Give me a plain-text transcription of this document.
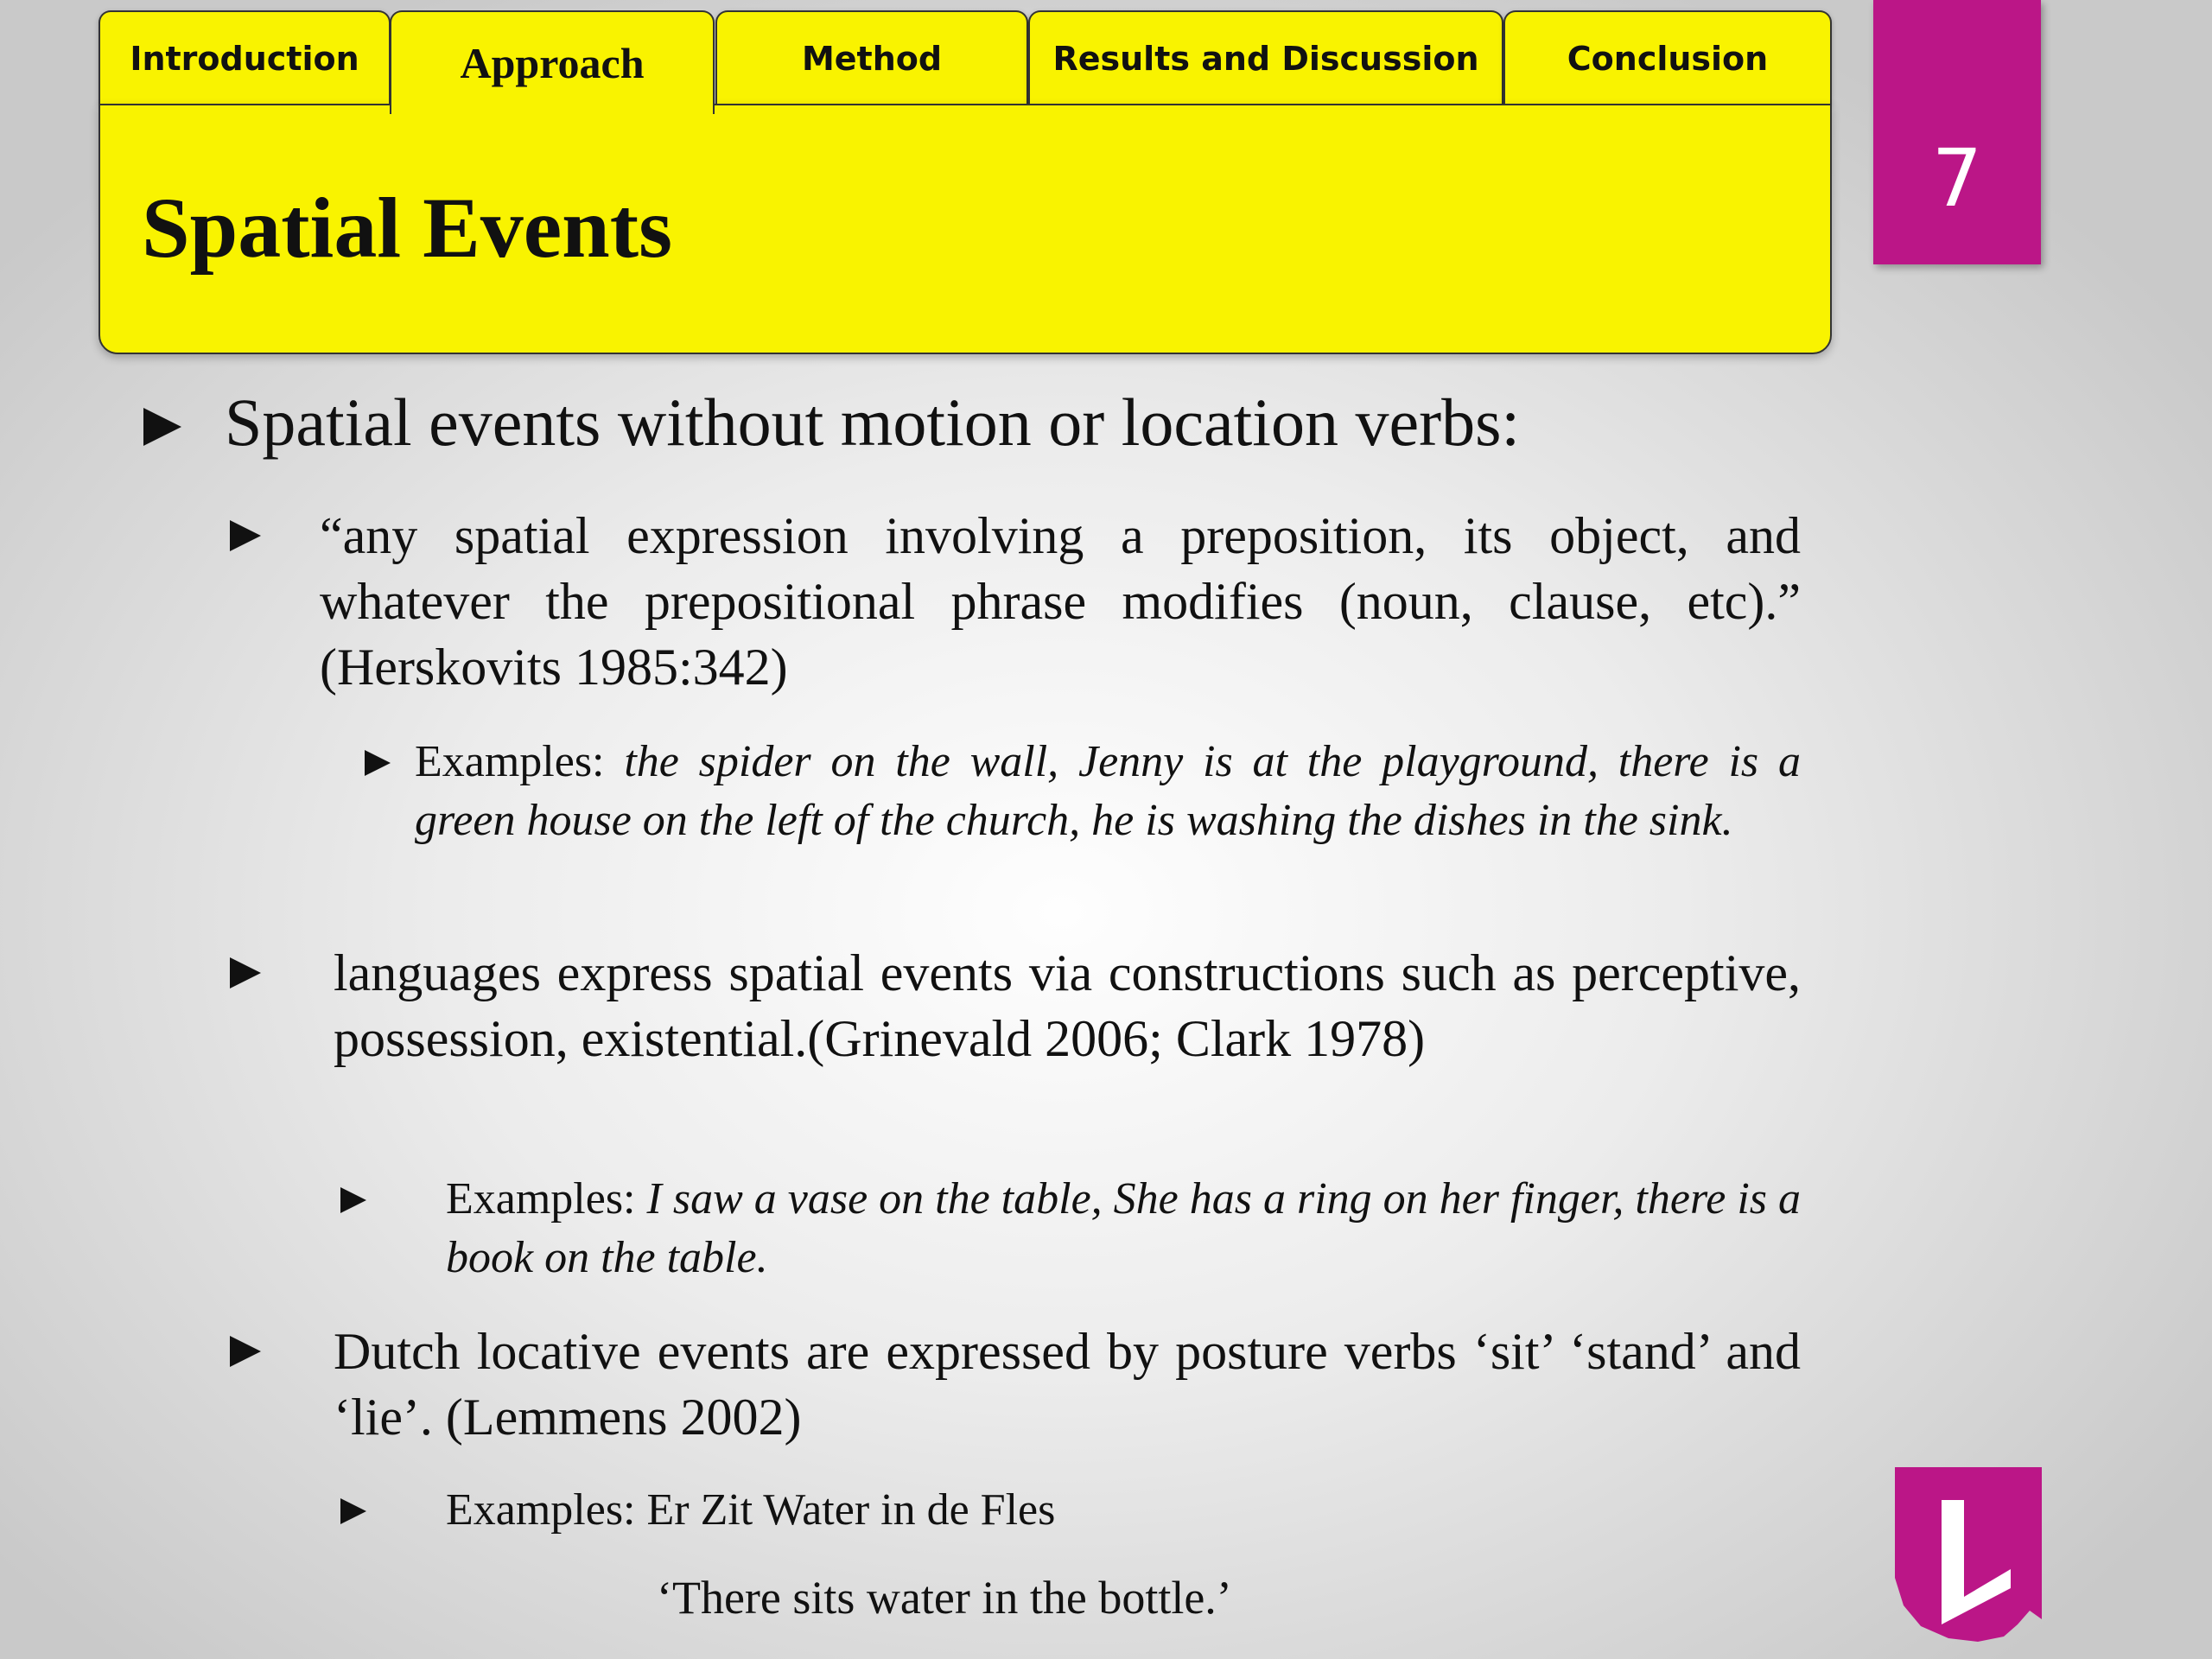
Introduction	Approach	Method	Results and Discussion	Conclusion
Spatial Events
7
Spatial events without motion or location verbs:
“any spatial expression involving a preposition, its object, and whatever the prepositional phrase modifies (noun, clause, etc).” (Herskovits 1985:342)
Examples: the spider on the wall, Jenny is at the playground, there is a green house on the left of the church, he is washing the dishes in the sink.
languages express spatial events via constructions such as perceptive, possession, existential.(Grinevald 2006; Clark 1978)
Examples: I saw a vase on the table, She has a ring on her finger, there is a book on the table.
Dutch locative events are expressed by posture verbs ‘sit’ ‘stand’ and ‘lie’. (Lemmens 2002)
Examples: Er Zit Water in de Fles
‘There sits water in the bottle.’
